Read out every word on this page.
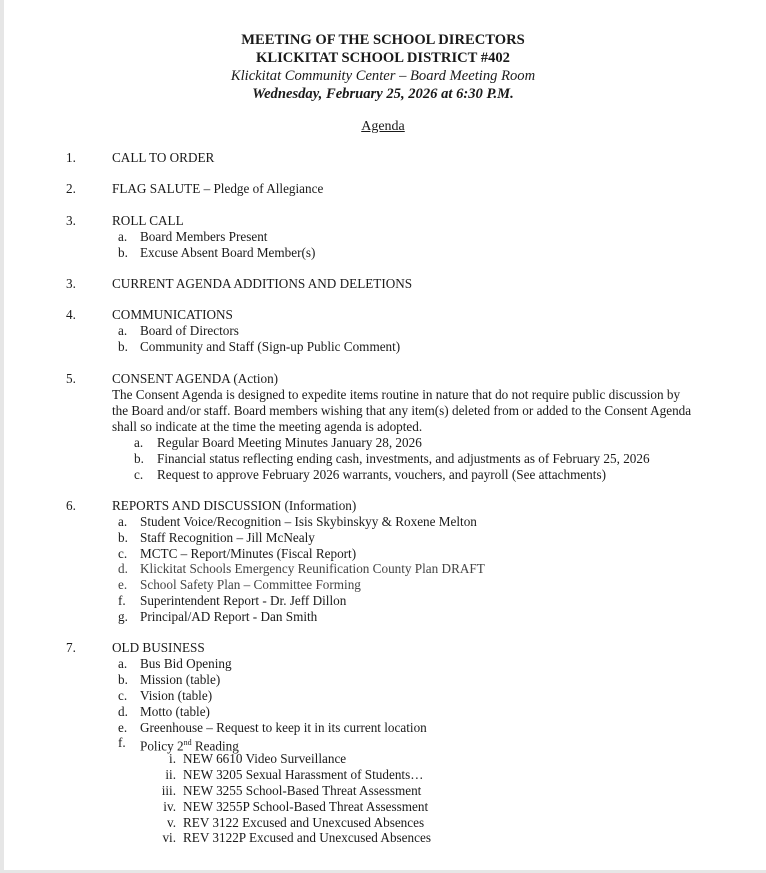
MEETING OF THE SCHOOL DIRECTORS
KLICKITAT SCHOOL DISTRICT #402
Klickitat Community Center – Board Meeting Room
Wednesday, February 25, 2026 at 6:30 P.M.
Agenda
1.	CALL TO ORDER
2.	FLAG SALUTE – Pledge of Allegiance
3.	ROLL CALL
a. Board Members Present
b. Excuse Absent Board Member(s)
3.	CURRENT AGENDA ADDITIONS AND DELETIONS
4.	COMMUNICATIONS
a. Board of Directors
b. Community and Staff (Sign-up Public Comment)
5.	CONSENT AGENDA (Action)
The Consent Agenda is designed to expedite items routine in nature that do not require public discussion by
the Board and/or staff. Board members wishing that any item(s) deleted from or added to the Consent Agenda
shall so indicate at the time the meeting agenda is adopted.
a. Regular Board Meeting Minutes January 28, 2026
b. Financial status reflecting ending cash, investments, and adjustments as of February 25, 2026
c. Request to approve February 2026 warrants, vouchers, and payroll (See attachments)
6.	REPORTS AND DISCUSSION (Information)
a. Student Voice/Recognition – Isis Skybinskyy & Roxene Melton
b. Staff Recognition – Jill McNealy
c. MCTC – Report/Minutes (Fiscal Report)
d. Klickitat Schools Emergency Reunification County Plan DRAFT
e. School Safety Plan – Committee Forming
f. Superintendent Report - Dr. Jeff Dillon
g. Principal/AD Report - Dan Smith
7.	OLD BUSINESS
a. Bus Bid Opening
b. Mission (table)
c. Vision (table)
d. Motto (table)
e. Greenhouse – Request to keep it in its current location
f. Policy 2nd Reading
i. NEW 6610 Video Surveillance
ii. NEW 3205 Sexual Harassment of Students…
iii. NEW 3255 School-Based Threat Assessment
iv. NEW 3255P School-Based Threat Assessment
v. REV 3122 Excused and Unexcused Absences
vi. REV 3122P Excused and Unexcused Absences
